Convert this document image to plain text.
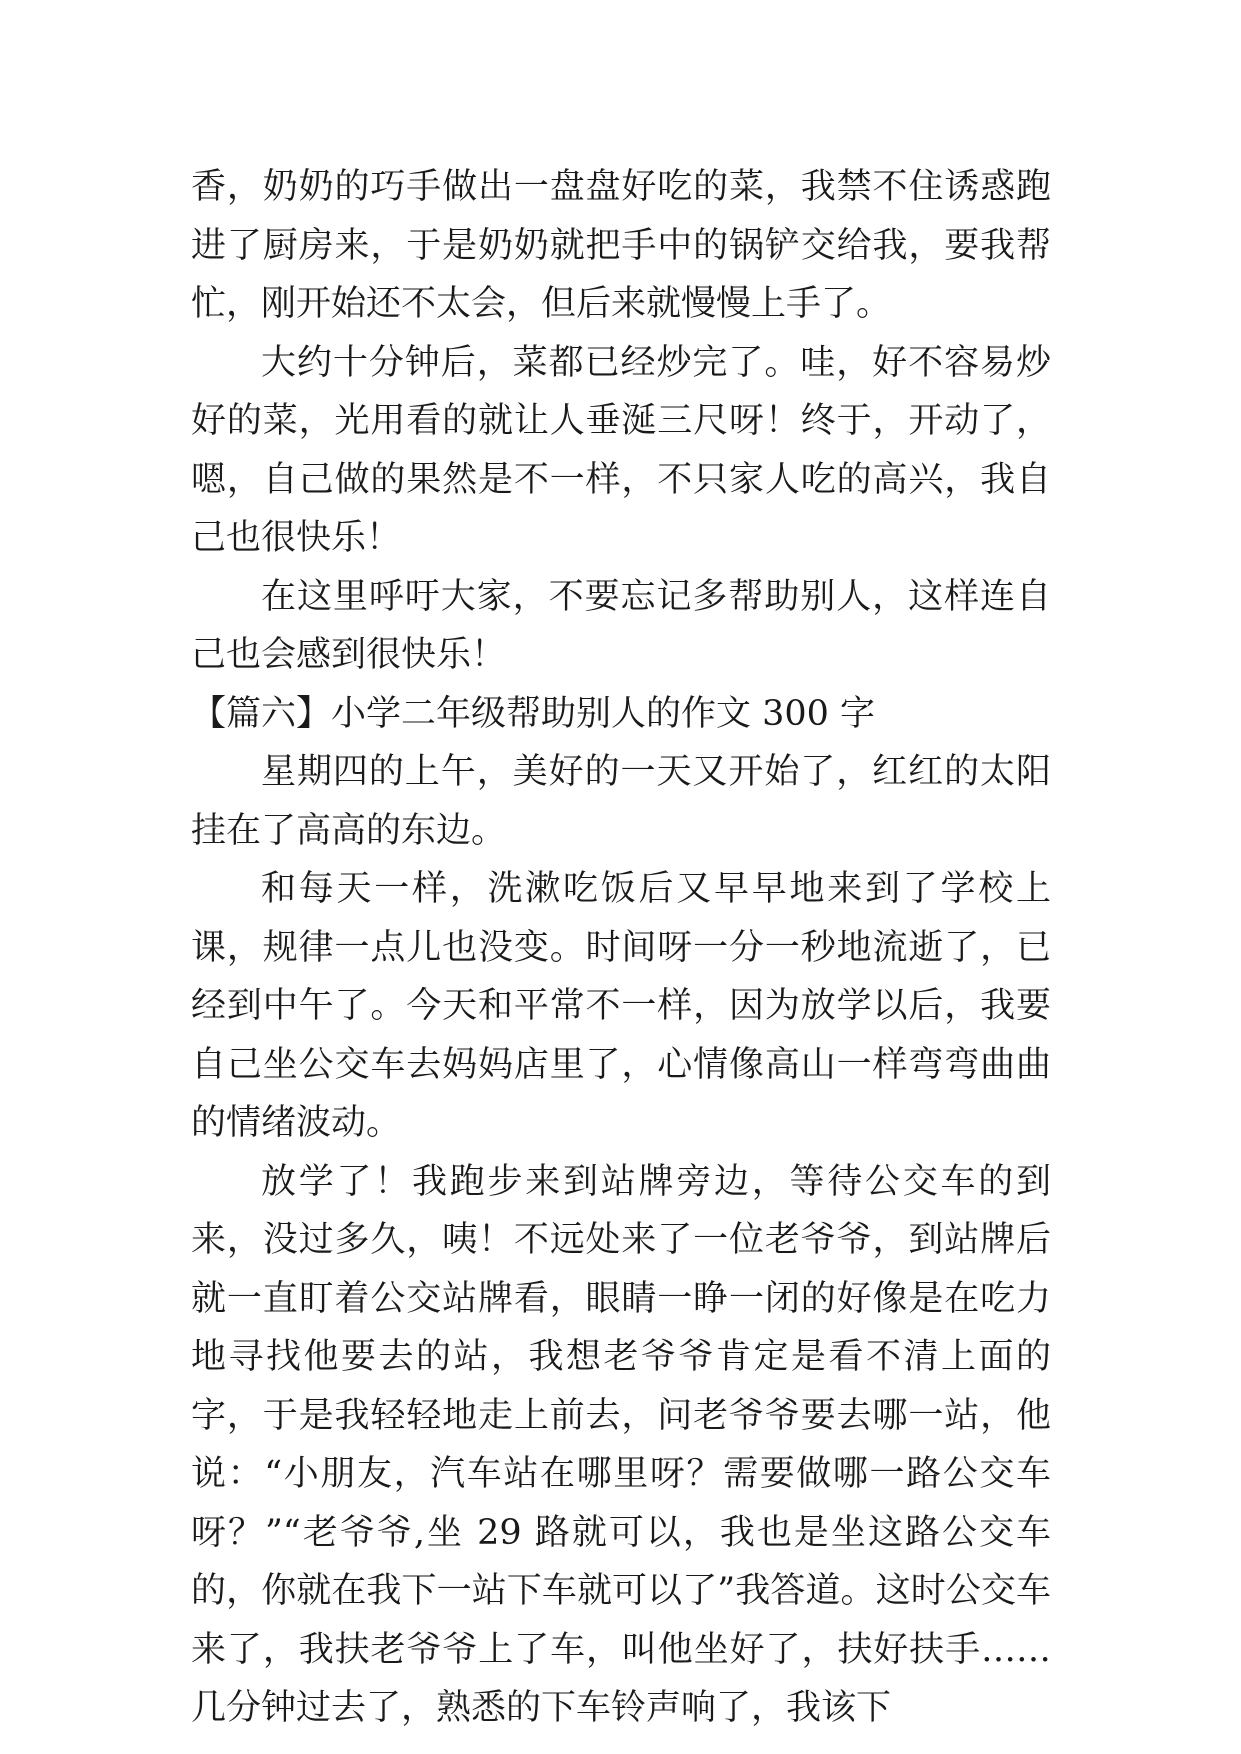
香，奶奶的巧手做出一盘盘好吃的菜，我禁不住诱惑跑进了厨房来，于是奶奶就把手中的锅铲交给我，要我帮忙，刚开始还不太会，但后来就慢慢上手了。

大约十分钟后，菜都已经炒完了。哇，好不容易炒好的菜，光用看的就让人垂涎三尺呀！终于，开动了，嗯，自己做的果然是不一样，不只家人吃的高兴，我自己也很快乐！

在这里呼吁大家，不要忘记多帮助别人，这样连自己也会感到很快乐！

【篇六】小学二年级帮助别人的作文 300 字

星期四的上午，美好的一天又开始了，红红的太阳挂在了高高的东边。

和每天一样，洗漱吃饭后又早早地来到了学校上课，规律一点儿也没变。时间呀一分一秒地流逝了，已经到中午了。今天和平常不一样，因为放学以后，我要自己坐公交车去妈妈店里了，心情像高山一样弯弯曲曲的情绪波动。

放学了！我跑步来到站牌旁边，等待公交车的到来，没过多久，咦！不远处来了一位老爷爷，到站牌后就一直盯着公交站牌看，眼睛一睁一闭的好像是在吃力地寻找他要去的站，我想老爷爷肯定是看不清上面的字，于是我轻轻地走上前去，问老爷爷要去哪一站，他说：“小朋友，汽车站在哪里呀？需要做哪一路公交车呀？”“老爷爷,坐 29 路就可以，我也是坐这路公交车的，你就在我下一站下车就可以了”我答道。这时公交车来了，我扶老爷爷上了车，叫他坐好了，扶好扶手……几分钟过去了，熟悉的下车铃声响了，我该下
